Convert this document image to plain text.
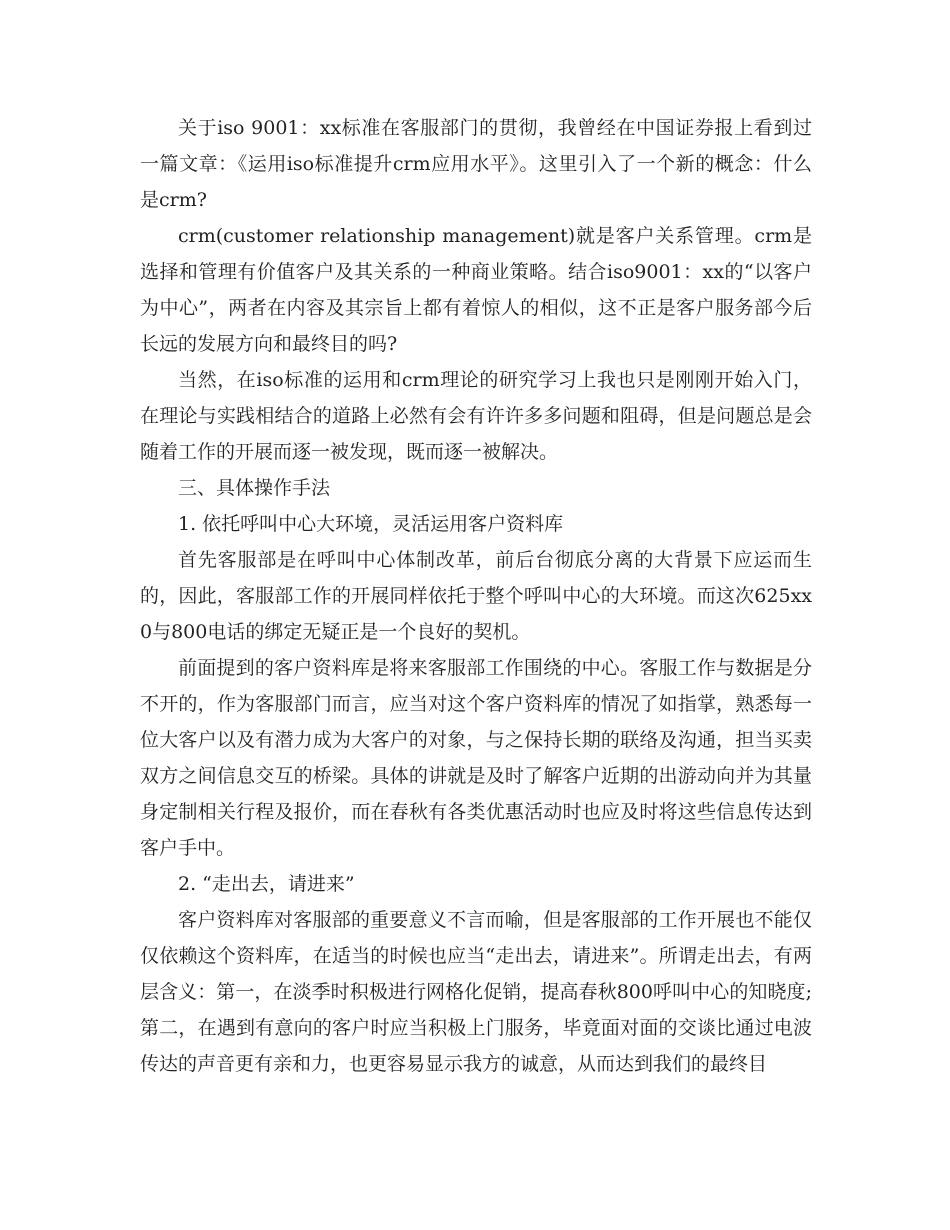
关于iso 9001：xx标准在客服部门的贯彻，我曾经在中国证券报上看到过一篇文章：《运用iso标准提升crm应用水平》。这里引入了一个新的概念：什么是crm?

crm(customer relationship management)就是客户关系管理。crm是选择和管理有价值客户及其关系的一种商业策略。结合iso9001：xx的“以客户为中心”，两者在内容及其宗旨上都有着惊人的相似，这不正是客户服务部今后长远的发展方向和最终目的吗?

当然，在iso标准的运用和crm理论的研究学习上我也只是刚刚开始入门，在理论与实践相结合的道路上必然有会有许许多多问题和阻碍，但是问题总是会随着工作的开展而逐一被发现，既而逐一被解决。

三、具体操作手法

1. 依托呼叫中心大环境，灵活运用客户资料库

首先客服部是在呼叫中心体制改革，前后台彻底分离的大背景下应运而生的，因此，客服部工作的开展同样依托于整个呼叫中心的大环境。而这次625xx0与800电话的绑定无疑正是一个良好的契机。

前面提到的客户资料库是将来客服部工作围绕的中心。客服工作与数据是分不开的，作为客服部门而言，应当对这个客户资料库的情况了如指掌，熟悉每一位大客户以及有潜力成为大客户的对象，与之保持长期的联络及沟通，担当买卖双方之间信息交互的桥梁。具体的讲就是及时了解客户近期的出游动向并为其量身定制相关行程及报价，而在春秋有各类优惠活动时也应及时将这些信息传达到客户手中。

2. “走出去，请进来”

客户资料库对客服部的重要意义不言而喻，但是客服部的工作开展也不能仅仅依赖这个资料库，在适当的时候也应当“走出去，请进来”。所谓走出去，有两层含义：第一，在淡季时积极进行网格化促销，提高春秋800呼叫中心的知晓度;第二，在遇到有意向的客户时应当积极上门服务，毕竟面对面的交谈比通过电波传达的声音更有亲和力，也更容易显示我方的诚意，从而达到我们的最终目
